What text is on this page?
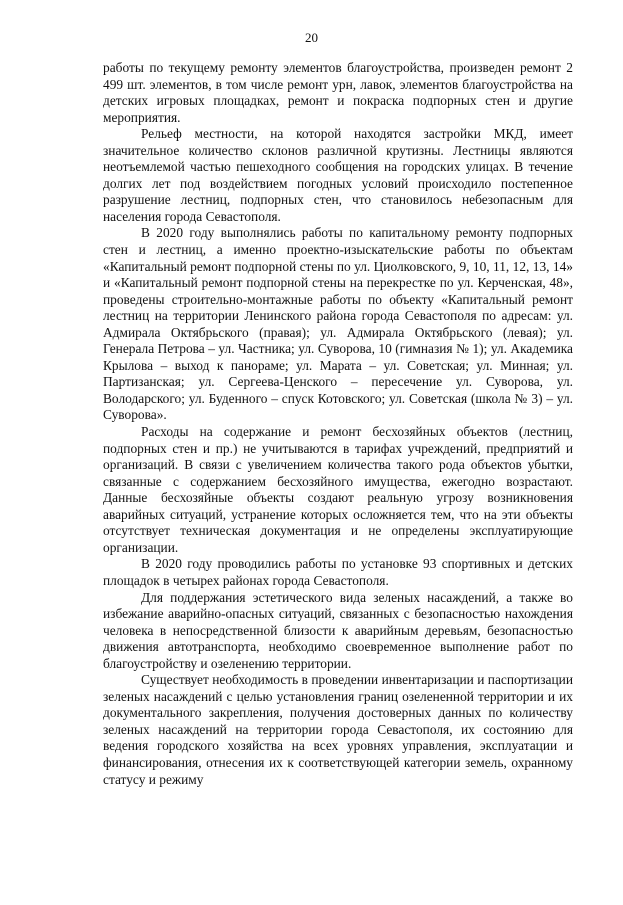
20

работы по текущему ремонту элементов благоустройства, произведен ремонт 2 499 шт. элементов, в том числе ремонт урн, лавок, элементов благоустройства на детских игровых площадках, ремонт и покраска подпорных стен и другие мероприятия.

Рельеф местности, на которой находятся застройки МКД, имеет значительное количество склонов различной крутизны. Лестницы являются неотъемлемой частью пешеходного сообщения на городских улицах. В течение долгих лет под воздействием погодных условий происходило постепенное разрушение лестниц, подпорных стен, что становилось небезопасным для населения города Севастополя.

В 2020 году выполнялись работы по капитальному ремонту подпорных стен и лестниц, а именно проектно-изыскательские работы по объектам «Капитальный ремонт подпорной стены по ул. Циолковского, 9, 10, 11, 12, 13, 14» и «Капитальный ремонт подпорной стены на перекрестке по ул. Керченская, 48», проведены строительно-монтажные работы по объекту «Капитальный ремонт лестниц на территории Ленинского района города Севастополя по адресам: ул. Адмирала Октябрьского (правая); ул. Адмирала Октябрьского (левая); ул. Генерала Петрова – ул. Частника; ул. Суворова, 10 (гимназия № 1); ул. Академика Крылова – выход к панораме; ул. Марата – ул. Советская; ул. Минная; ул. Партизанская; ул. Сергеева-Ценского – пересечение ул. Суворова, ул. Володарского; ул. Буденного – спуск Котовского; ул. Советская (школа № 3) – ул. Суворова».

Расходы на содержание и ремонт бесхозяйных объектов (лестниц, подпорных стен и пр.) не учитываются в тарифах учреждений, предприятий и организаций. В связи с увеличением количества такого рода объектов убытки, связанные с содержанием бесхозяйного имущества, ежегодно возрастают. Данные бесхозяйные объекты создают реальную угрозу возникновения аварийных ситуаций, устранение которых осложняется тем, что на эти объекты отсутствует техническая документация и не определены эксплуатирующие организации.

В 2020 году проводились работы по установке 93 спортивных и детских площадок в четырех районах города Севастополя.

Для поддержания эстетического вида зеленых насаждений, а также во избежание аварийно-опасных ситуаций, связанных с безопасностью нахождения человека в непосредственной близости к аварийным деревьям, безопасностью движения автотранспорта, необходимо своевременное выполнение работ по благоустройству и озеленению территории.

Существует необходимость в проведении инвентаризации и паспортизации зеленых насаждений с целью установления границ озелененной территории и их документального закрепления, получения достоверных данных по количеству зеленых насаждений на территории города Севастополя, их состоянию для ведения городского хозяйства на всех уровнях управления, эксплуатации и финансирования, отнесения их к соответствующей категории земель, охранному статусу и режиму
